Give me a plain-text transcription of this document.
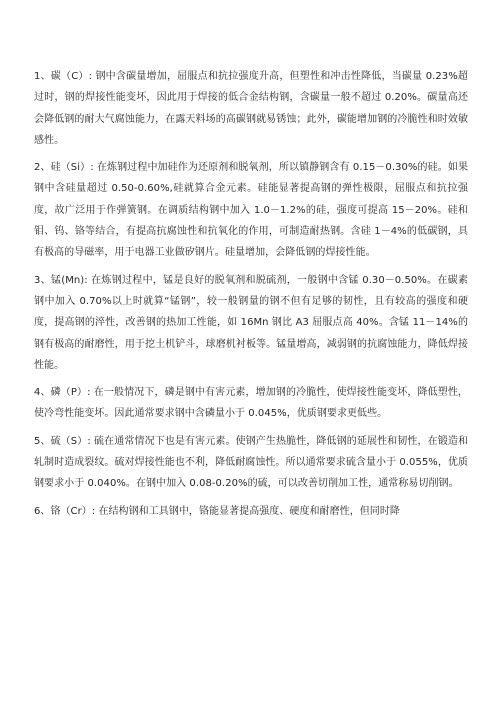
1、碳（C）: 钢中含碳量增加，屈服点和抗拉强度升高，但塑性和冲击性降低，当碳量 0.23%超过时，钢的焊接性能变坏，因此用于焊接的低合金结构钢，含碳量一般不超过 0.20%。碳量高还会降低钢的耐大气腐蚀能力，在露天料场的高碳钢就易锈蚀；此外，碳能增加钢的冷脆性和时效敏感性。

2、硅（Si）: 在炼钢过程中加硅作为还原剂和脱氧剂，所以镇静钢含有 0.15－0.30%的硅。如果钢中含硅量超过 0.50-0.60%,硅就算合金元素。硅能显著提高钢的弹性极限，屈服点和抗拉强度，故广泛用于作弹簧钢。在调质结构钢中加入 1.0－1.2%的硅，强度可提高 15－20%。硅和钼、钨、铬等结合，有提高抗腐蚀性和抗氧化的作用，可制造耐热钢。含硅 1－4%的低碳钢，具有极高的导磁率，用于电器工业做矽钢片。硅量增加，会降低钢的焊接性能。

3、锰(Mn): 在炼钢过程中，锰是良好的脱氧剂和脱硫剂，一般钢中含锰 0.30－0.50%。在碳素钢中加入 0.70%以上时就算“锰钢”，较一般钢量的钢不但有足够的韧性，且有较高的强度和硬度，提高钢的淬性，改善钢的热加工性能，如 16Mn 钢比 A3 屈服点高 40%。含锰 11－14%的钢有极高的耐磨性，用于挖土机铲斗，球磨机衬板等。锰量增高，减弱钢的抗腐蚀能力，降低焊接性能。

4、磷（P）: 在一般情况下，磷是钢中有害元素，增加钢的冷脆性，使焊接性能变坏，降低塑性，使冷弯性能变坏。因此通常要求钢中含磷量小于 0.045%，优质钢要求更低些。

5、硫（S）: 硫在通常情况下也是有害元素。使钢产生热脆性，降低钢的延展性和韧性，在锻造和轧制时造成裂纹。硫对焊接性能也不利，降低耐腐蚀性。所以通常要求硫含量小于 0.055%，优质钢要求小于 0.040%。在钢中加入 0.08-0.20%的硫，可以改善切削加工性，通常称易切削钢。

6、铬（Cr）: 在结构钢和工具钢中，铬能显著提高强度、硬度和耐磨性，但同时降
